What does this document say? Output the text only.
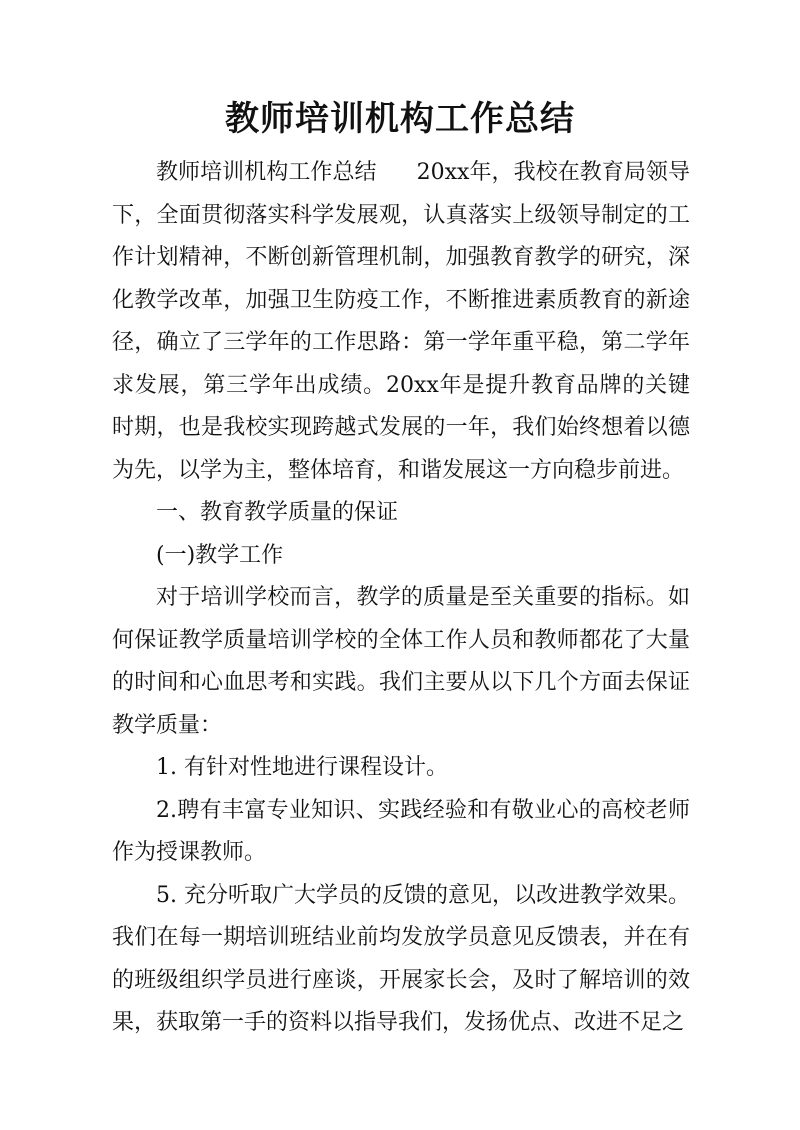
教师培训机构工作总结

教师培训机构工作总结 20xx年，我校在教育局领导下，全面贯彻落实科学发展观，认真落实上级领导制定的工作计划精神，不断创新管理机制，加强教育教学的研究，深化教学改革，加强卫生防疫工作，不断推进素质教育的新途径，确立了三学年的工作思路：第一学年重平稳，第二学年求发展，第三学年出成绩。20xx年是提升教育品牌的关键时期，也是我校实现跨越式发展的一年，我们始终想着以德为先，以学为主，整体培育，和谐发展这一方向稳步前进。

一、教育教学质量的保证

(一)教学工作

对于培训学校而言，教学的质量是至关重要的指标。如何保证教学质量培训学校的全体工作人员和教师都花了大量的时间和心血思考和实践。我们主要从以下几个方面去保证教学质量：

1. 有针对性地进行课程设计。

2.聘有丰富专业知识、实践经验和有敬业心的高校老师作为授课教师。

5. 充分听取广大学员的反馈的意见，以改进教学效果。我们在每一期培训班结业前均发放学员意见反馈表，并在有的班级组织学员进行座谈，开展家长会，及时了解培训的效果，获取第一手的资料以指导我们，发扬优点、改进不足之
